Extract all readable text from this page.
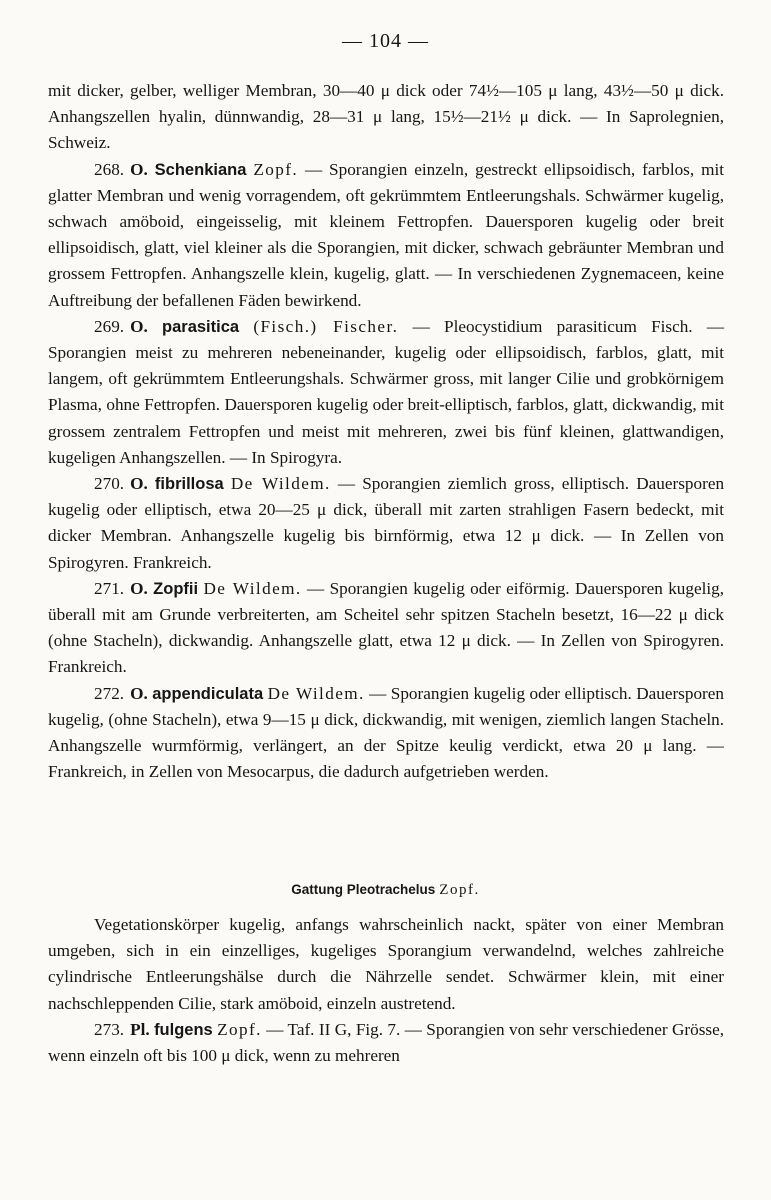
— 104 —

mit dicker, gelber, welliger Membran, 30—40 μ dick oder 74½—105 μ lang, 43½—50 μ dick. Anhangszellen hyalin, dünnwandig, 28—31 μ lang, 15½—21½ μ dick. — In Saprolegnien, Schweiz.

268. O. Schenkiana Zopf. — Sporangien einzeln, gestreckt ellipsoidisch, farblos, mit glatter Membran und wenig vorragendem, oft gekrümmtem Entleerungshals. Schwärmer kugelig, schwach amöboid, eingeisselig, mit kleinem Fettropfen. Dauersporen kugelig oder breit ellipsoidisch, glatt, viel kleiner als die Sporangien, mit dicker, schwach gebräunter Membran und grossem Fettropfen. Anhangszelle klein, kugelig, glatt. — In verschiedenen Zygnemaceen, keine Auftreibung der befallenen Fäden bewirkend.

269. O. parasitica (Fisch.) Fischer. — Pleocystidium parasiticum Fisch. — Sporangien meist zu mehreren nebeneinander, kugelig oder ellipsoidisch, farblos, glatt, mit langem, oft gekrümmtem Entleerungshals. Schwärmer gross, mit langer Cilie und grobkörnigem Plasma, ohne Fettropfen. Dauersporen kugelig oder breit-elliptisch, farblos, glatt, dickwandig, mit grossem zentralem Fettropfen und meist mit mehreren, zwei bis fünf kleinen, glattwandigen, kugeligen Anhangszellen. — In Spirogyra.

270. O. fibrillosa De Wildem. — Sporangien ziemlich gross, elliptisch. Dauersporen kugelig oder elliptisch, etwa 20—25 μ dick, überall mit zarten strahligen Fasern bedeckt, mit dicker Membran. Anhangszelle kugelig bis birnförmig, etwa 12 μ dick. — In Zellen von Spirogyren. Frankreich.

271. O. Zopfii De Wildem. — Sporangien kugelig oder eiförmig. Dauersporen kugelig, überall mit am Grunde verbreiterten, am Scheitel sehr spitzen Stacheln besetzt, 16—22 μ dick (ohne Stacheln), dickwandig. Anhangszelle glatt, etwa 12 μ dick. — In Zellen von Spirogyren. Frankreich.

272. O. appendiculata De Wildem. — Sporangien kugelig oder elliptisch. Dauersporen kugelig, (ohne Stacheln), etwa 9—15 μ dick, dickwandig, mit wenigen, ziemlich langen Stacheln. Anhangszelle wurmförmig, verlängert, an der Spitze keulig verdickt, etwa 20 μ lang. — Frankreich, in Zellen von Mesocarpus, die dadurch aufgetrieben werden.

Gattung Pleotrachelus Zopf.

Vegetationskörper kugelig, anfangs wahrscheinlich nackt, später von einer Membran umgeben, sich in ein einzelliges, kugeliges Sporangium verwandelnd, welches zahlreiche cylindrische Entleerungshälse durch die Nährzelle sendet. Schwärmer klein, mit einer nachschleppenden Cilie, stark amöboid, einzeln austretend.

273. Pl. fulgens Zopf. — Taf. II G, Fig. 7. — Sporangien von sehr verschiedener Grösse, wenn einzeln oft bis 100 μ dick, wenn zu mehreren
